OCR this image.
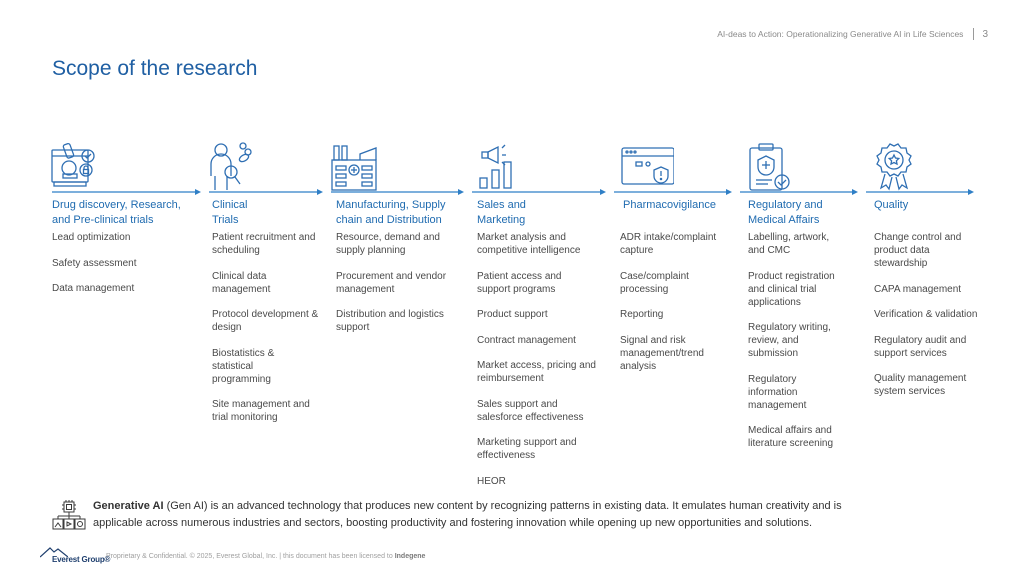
AI-deas to Action: Operationalizing Generative AI in Life Sciences 3
Scope of the research
Drug discovery, Research, and Pre-clinical trials
Lead optimization
Safety assessment
Data management
Clinical Trials
Patient recruitment and scheduling
Clinical data management
Protocol development & design
Biostatistics & statistical programming
Site management and trial monitoring
Manufacturing, Supply chain and Distribution
Resource, demand and supply planning
Procurement and vendor management
Distribution and logistics support
Sales and Marketing
Market analysis and competitive intelligence
Patient access and support programs
Product support
Contract management
Market access, pricing and reimbursement
Sales support and salesforce effectiveness
Marketing support and effectiveness
HEOR
Pharmacovigilance
ADR intake/complaint capture
Case/complaint processing
Reporting
Signal and risk management/trend analysis
Regulatory and Medical Affairs
Labelling, artwork, and CMC
Product registration and clinical trial applications
Regulatory writing, review, and submission
Regulatory information management
Medical affairs and literature screening
Quality
Change control and product data stewardship
CAPA management
Verification & validation
Regulatory audit and support services
Quality management system services

Generative AI (Gen AI) is an advanced technology that produces new content by recognizing patterns in existing data. It emulates human creativity and is applicable across numerous industries and sectors, boosting productivity and fostering innovation while opening up new opportunities and solutions.

Everest Group®
Proprietary & Confidential. © 2025, Everest Global, Inc. | this document has been licensed to Indegene
